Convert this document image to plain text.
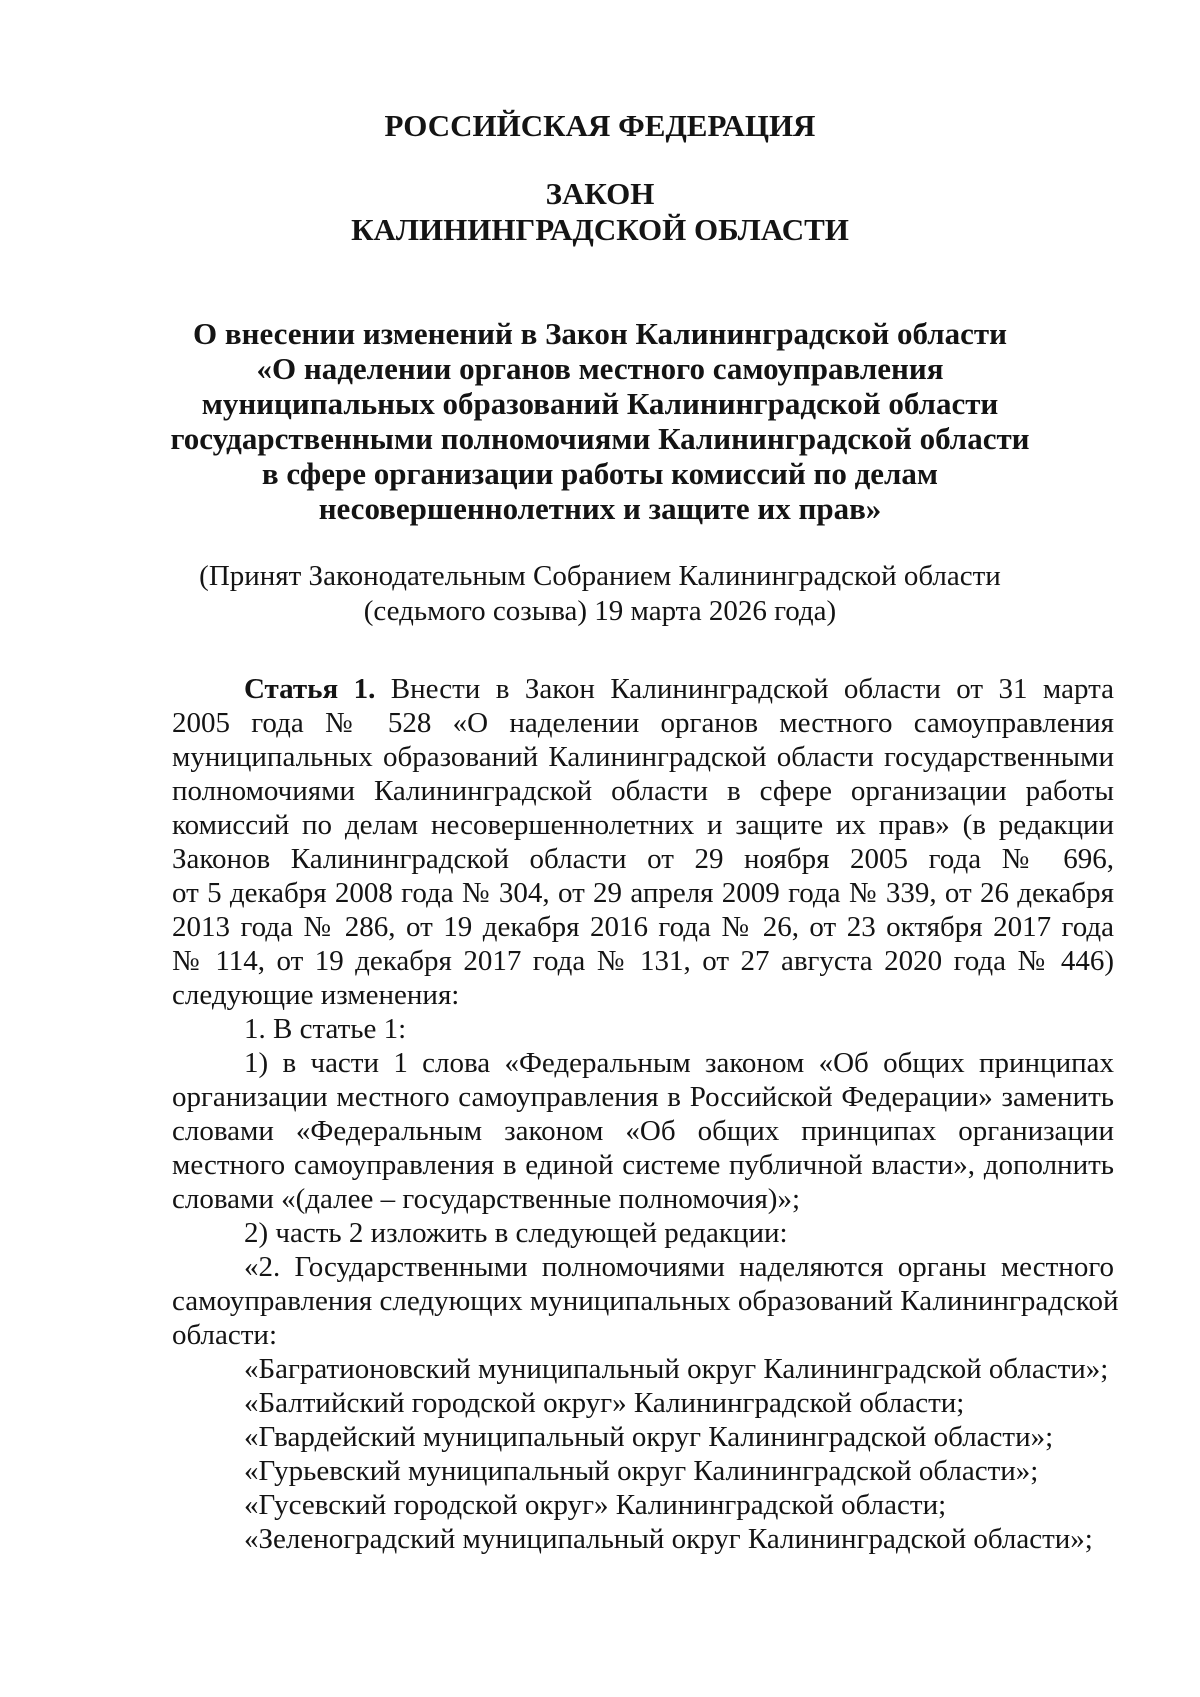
РОССИЙСКАЯ ФЕДЕРАЦИЯ
ЗАКОН
КАЛИНИНГРАДСКОЙ ОБЛАСТИ
О внесении изменений в Закон Калининградской области
«О наделении органов местного самоуправления
муниципальных образований Калининградской области
государственными полномочиями Калининградской области
в сфере организации работы комиссий по делам
несовершеннолетних и защите их прав»
(Принят Законодательным Собранием Калининградской области
(седьмого созыва) 19 марта 2026 года)
Статья 1. Внести в Закон Калининградской области от 31 марта
2005 года № 528 «О наделении органов местного самоуправления
муниципальных образований Калининградской области государственными
полномочиями Калининградской области в сфере организации работы
комиссий по делам несовершеннолетних и защите их прав» (в редакции
Законов Калининградской области от 29 ноября 2005 года № 696,
от 5 декабря 2008 года № 304, от 29 апреля 2009 года № 339, от 26 декабря
2013 года № 286, от 19 декабря 2016 года № 26, от 23 октября 2017 года
№ 114, от 19 декабря 2017 года № 131, от 27 августа 2020 года № 446)
следующие изменения:
1. В статье 1:
1) в части 1 слова «Федеральным законом «Об общих принципах
организации местного самоуправления в Российской Федерации» заменить
словами «Федеральным законом «Об общих принципах организации
местного самоуправления в единой системе публичной власти», дополнить
словами «(далее – государственные полномочия)»;
2) часть 2 изложить в следующей редакции:
«2. Государственными полномочиями наделяются органы местного
самоуправления следующих муниципальных образований Калининградской
области:
«Багратионовский муниципальный округ Калининградской области»;
«Балтийский городской округ» Калининградской области;
«Гвардейский муниципальный округ Калининградской области»;
«Гурьевский муниципальный округ Калининградской области»;
«Гусевский городской округ» Калининградской области;
«Зеленоградский муниципальный округ Калининградской области»;
